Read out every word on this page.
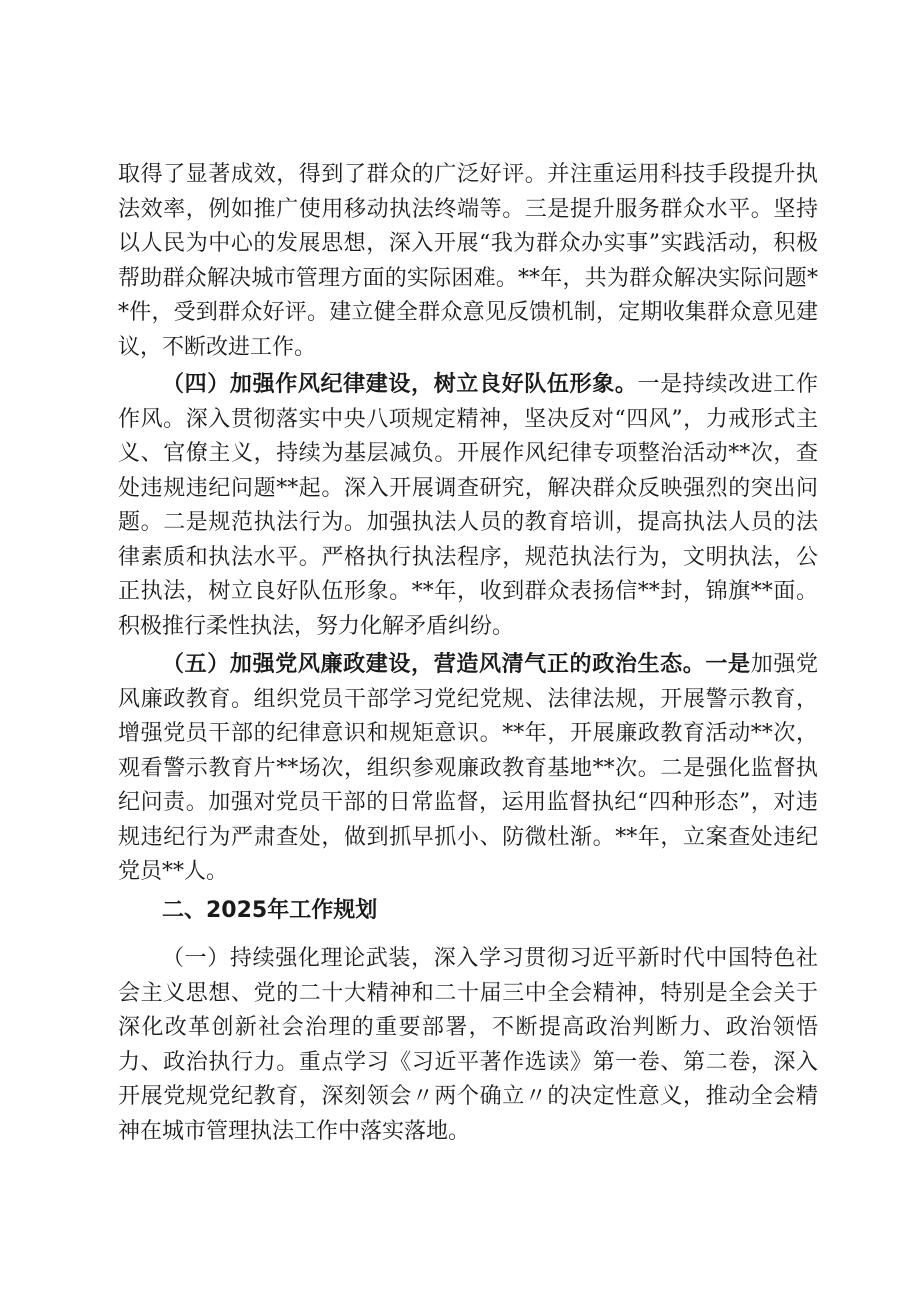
取得了显著成效，得到了群众的广泛好评。并注重运用科技手段提升执法效率，例如推广使用移动执法终端等。三是提升服务群众水平。坚持以人民为中心的发展思想，深入开展“我为群众办实事”实践活动，积极帮助群众解决城市管理方面的实际困难。**年，共为群众解决实际问题**件，受到群众好评。建立健全群众意见反馈机制，定期收集群众意见建议，不断改进工作。

（四）加强作风纪律建设，树立良好队伍形象。一是持续改进工作作风。深入贯彻落实中央八项规定精神，坚决反对“四风”，力戒形式主义、官僚主义，持续为基层减负。开展作风纪律专项整治活动**次，查处违规违纪问题**起。深入开展调查研究，解决群众反映强烈的突出问题。二是规范执法行为。加强执法人员的教育培训，提高执法人员的法律素质和执法水平。严格执行执法程序，规范执法行为，文明执法，公正执法，树立良好队伍形象。**年，收到群众表扬信**封，锦旗**面。积极推行柔性执法，努力化解矛盾纠纷。

（五）加强党风廉政建设，营造风清气正的政治生态。一是加强党风廉政教育。组织党员干部学习党纪党规、法律法规，开展警示教育，增强党员干部的纪律意识和规矩意识。**年，开展廉政教育活动**次，观看警示教育片**场次，组织参观廉政教育基地**次。二是强化监督执纪问责。加强对党员干部的日常监督，运用监督执纪“四种形态”，对违规违纪行为严肃查处，做到抓早抓小、防微杜渐。**年，立案查处违纪党员**人。

二、2025年工作规划

（一）持续强化理论武装，深入学习贯彻习近平新时代中国特色社会主义思想、党的二十大精神和二十届三中全会精神，特别是全会关于深化改革创新社会治理的重要部署，不断提高政治判断力、政治领悟力、政治执行力。重点学习《习近平著作选读》第一卷、第二卷，深入开展党规党纪教育，深刻领会〃两个确立〃的决定性意义，推动全会精神在城市管理执法工作中落实落地。
